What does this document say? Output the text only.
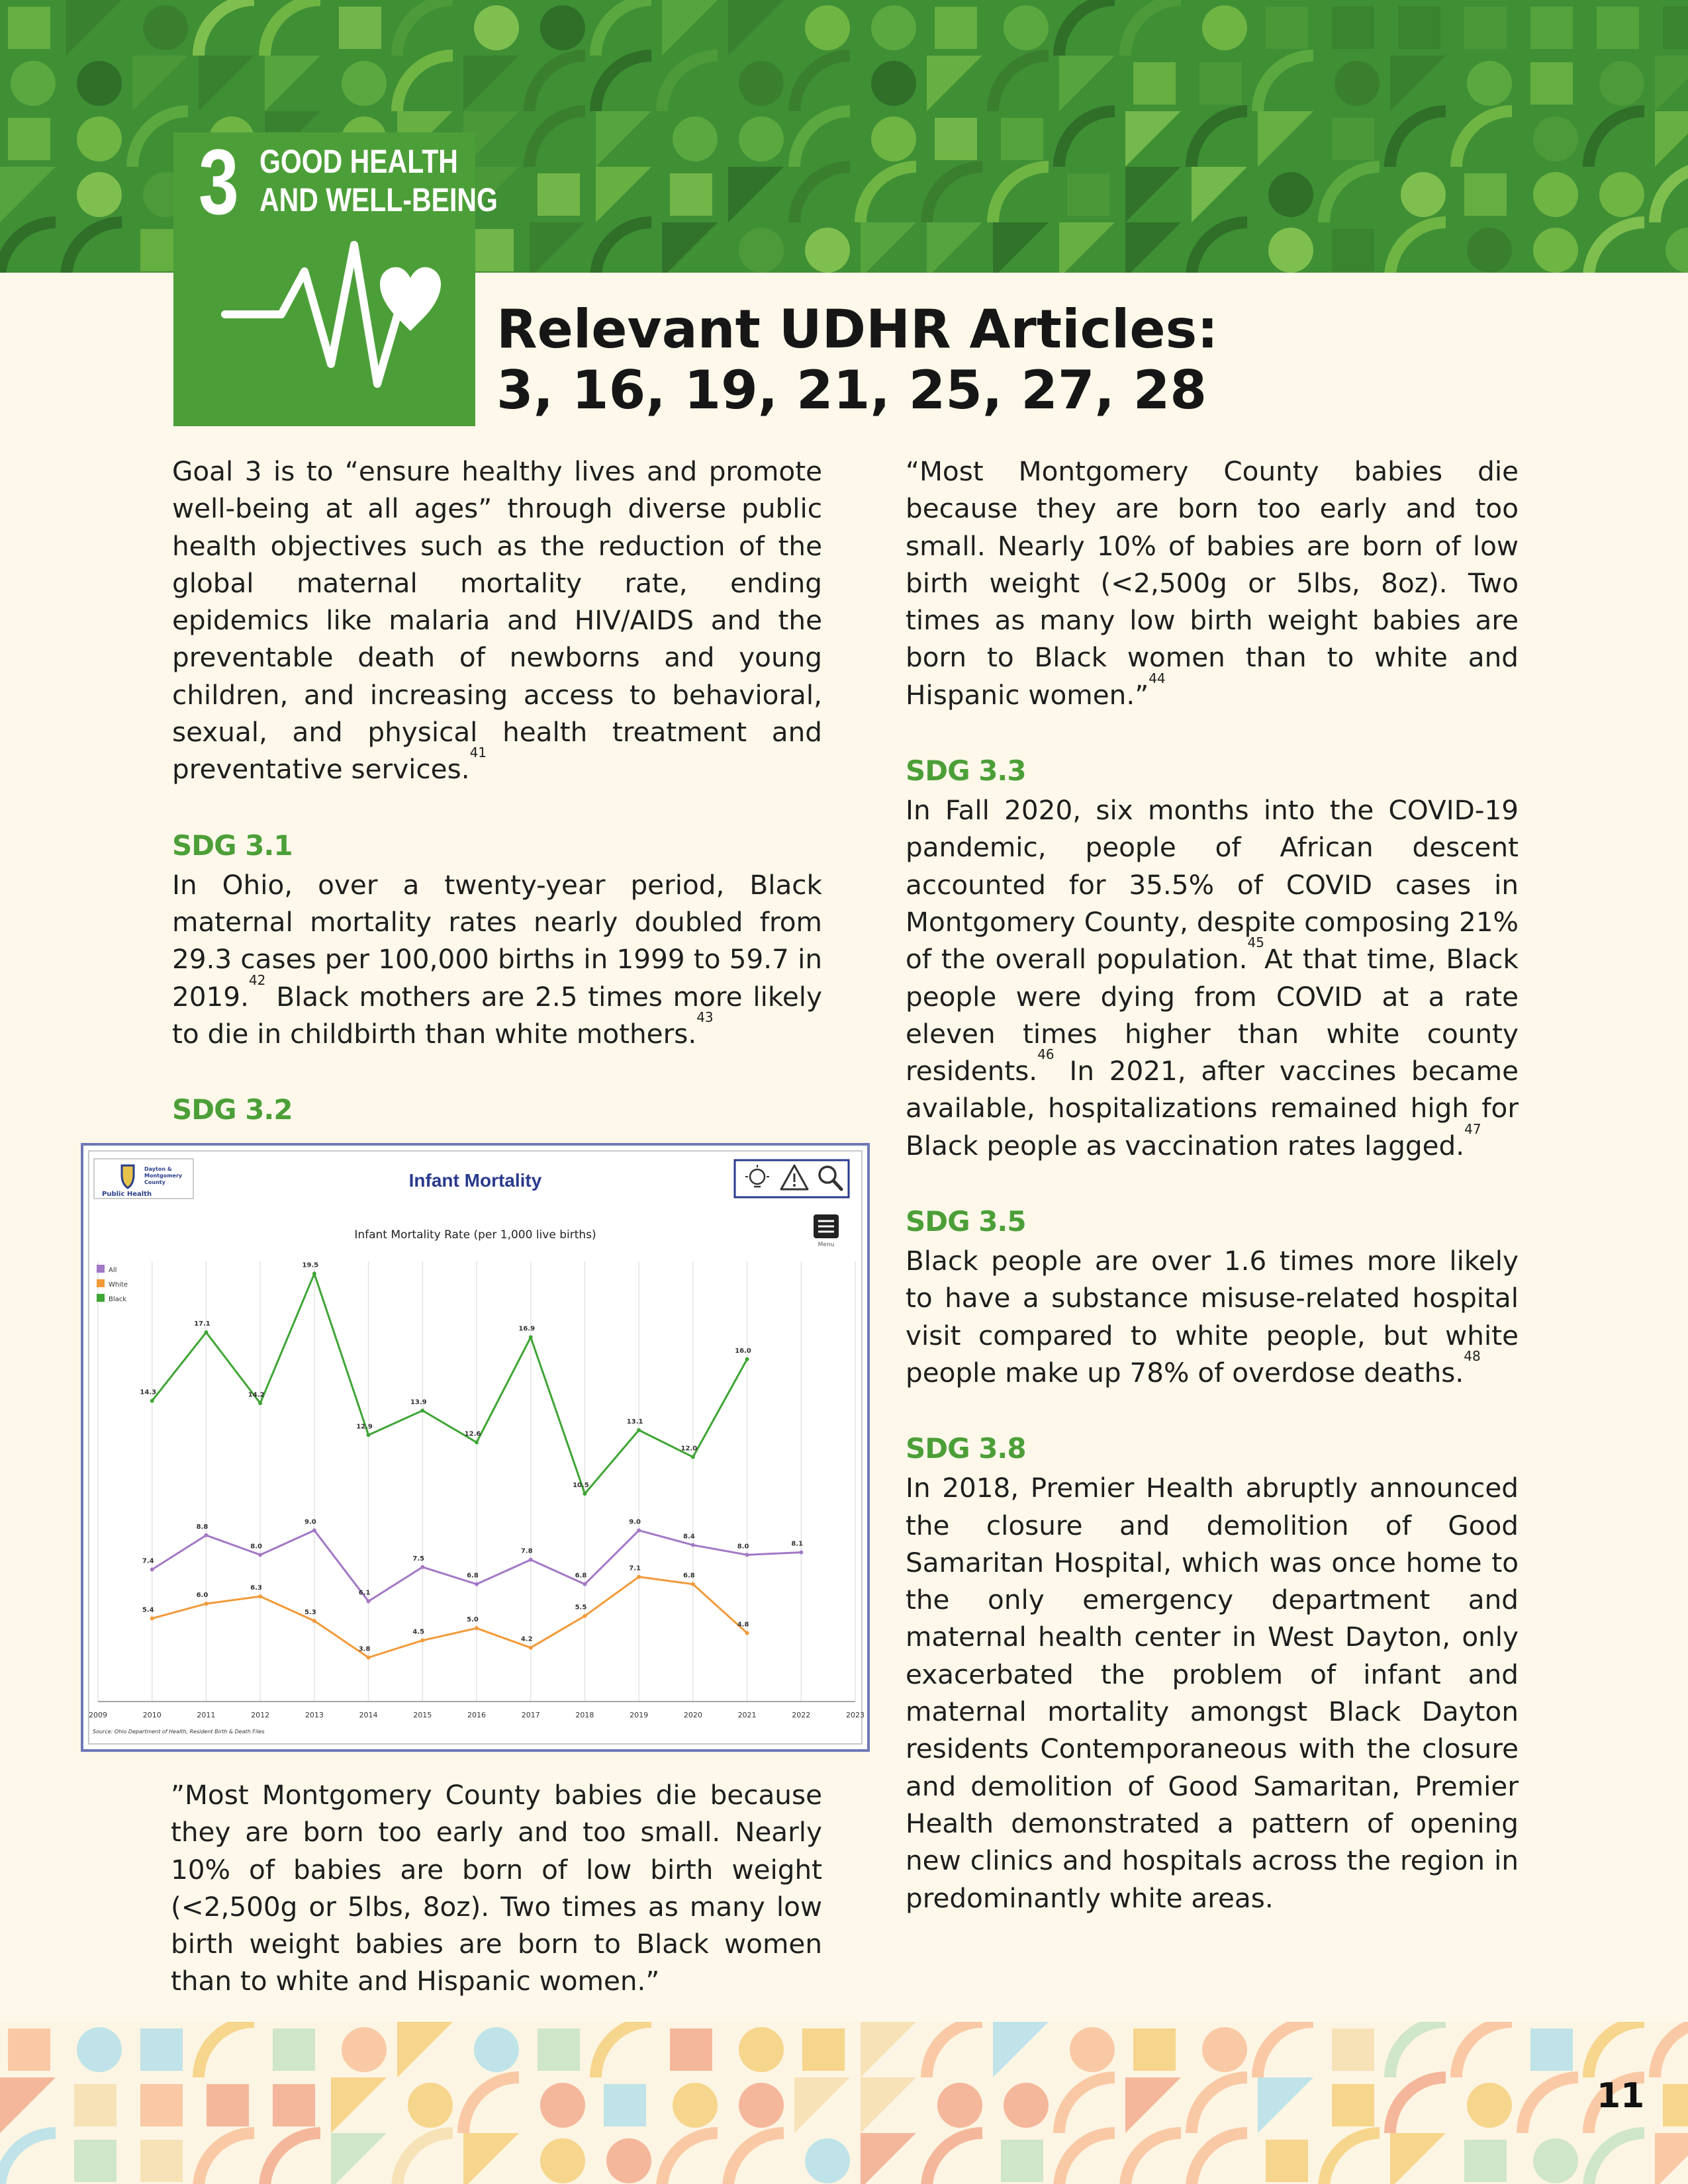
3 GOOD HEALTH
AND WELL-BEING
Relevant UDHR Articles:
3, 16, 19, 21, 25, 27, 28

Goal 3 is to “ensure healthy lives and promote well-being at all ages” through diverse public health objectives such as the reduction of the global maternal mortality rate, ending epidemics like malaria and HIV/AIDS and the preventable death of newborns and young children, and increasing access to behavioral, sexual, and physical health treatment and preventative services.$^{41}$

SDG 3.1

In Ohio, over a twenty-year period, Black maternal mortality rates nearly doubled from 29.3 cases per 100,000 births in 1999 to 59.7 in 2019.42 Black mothers are 2.5 times more likely to die in childbirth than white mothers.$^{43}$

SDG 3.2

Dayton &
Montgomery
County
Public Health
Infant Mortality
Menu
Infant Mortality Rate (per 1,000 live births)
7.4
8.8
8.0
9.0
6.1
7.5
6.8
7.8
6.8
9.0
8.4
8.0	8.1
5.4
6.0
6.3
5.3
3.8
4.5
5.0
4.2
5.5
7.1
6.8
4.8
14.3
17.1
14.2
19.5
12.9
13.9
12.6
16.9
10.5
13.1
12.0
16.0
All
White
Black
2009	2010	2011	2012	2013	2014	2015	2016	2017	2018	2019	2020	2021	2022	2023
Source: Ohio Department of Health, Resident Birth & Death Files

”Most Montgomery County babies die because they are born too early and too small. Nearly 10% of babies are born of low birth weight (<2,500g or 5lbs, 8oz). Two times as many low birth weight babies are born to Black women than to white and Hispanic women.”

“Most Montgomery County babies die because they are born too early and too small. Nearly 10% of babies are born of low birth weight (<2,500g or 5lbs, 8oz). Two times as many low birth weight babies are born to Black women than to white and Hispanic women.”$^{44}$

SDG 3.3

In Fall 2020, six months into the COVID-19 pandemic, people of African descent accounted for 35.5% of COVID cases in Montgomery County, despite composing 21% of the overall population.$^{45}$At that time, Black people were dying from COVID at a rate eleven times higher than white county residents.$^{46}$ In 2021, after vaccines became available, hospitalizations remained high for Black people as vaccination rates lagged.$^{47}$

SDG 3.5

Black people are over 1.6 times more likely to have a substance misuse-related hospital visit compared to white people, but white people make up 78% of overdose deaths.$^{48}$

SDG 3.8

In 2018, Premier Health abruptly announced the closure and demolition of Good Samaritan Hospital, which was once home to the only emergency department and maternal health center in West Dayton, only exacerbated the problem of infant and maternal mortality amongst Black Dayton residents Contemporaneous with the closure and demolition of Good Samaritan, Premier Health demonstrated a pattern of opening new clinics and hospitals across the region in predominantly white areas.

11
